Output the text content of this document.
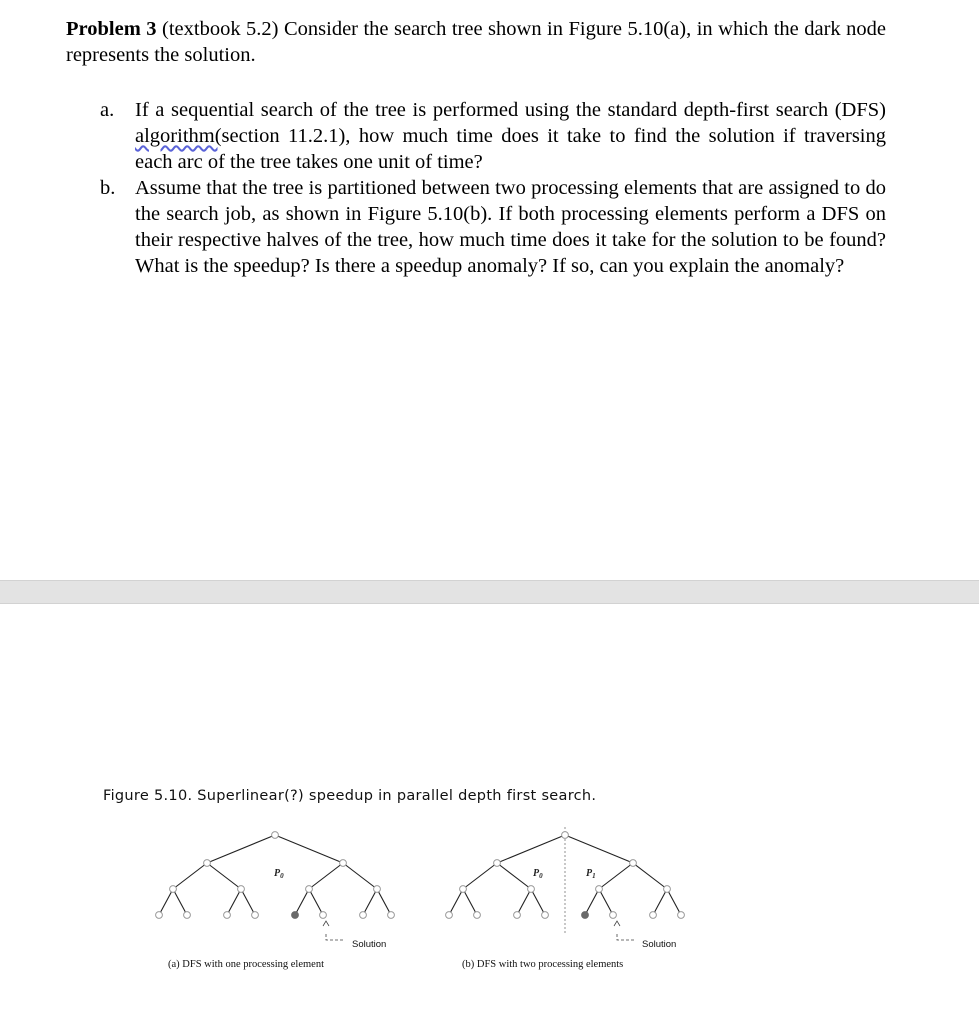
Problem 3 (textbook 5.2) Consider the search tree shown in Figure 5.10(a), in which the dark node represents the solution.
a. If a sequential search of the tree is performed using the standard depth-first search (DFS) algorithm(section 11.2.1), how much time does it take to find the solution if traversing each arc of the tree takes one unit of time?
b. Assume that the tree is partitioned between two processing elements that are assigned to do the search job, as shown in Figure 5.10(b). If both processing elements perform a DFS on their respective halves of the tree, how much time does it take for the solution to be found? What is the speedup? Is there a speedup anomaly? If so, can you explain the anomaly?
Figure 5.10. Superlinear(?) speedup in parallel depth first search.
$P_0$	$P_0$	$P_1$
Solution	Solution
(a) DFS with one processing element	(b) DFS with two processing elements
